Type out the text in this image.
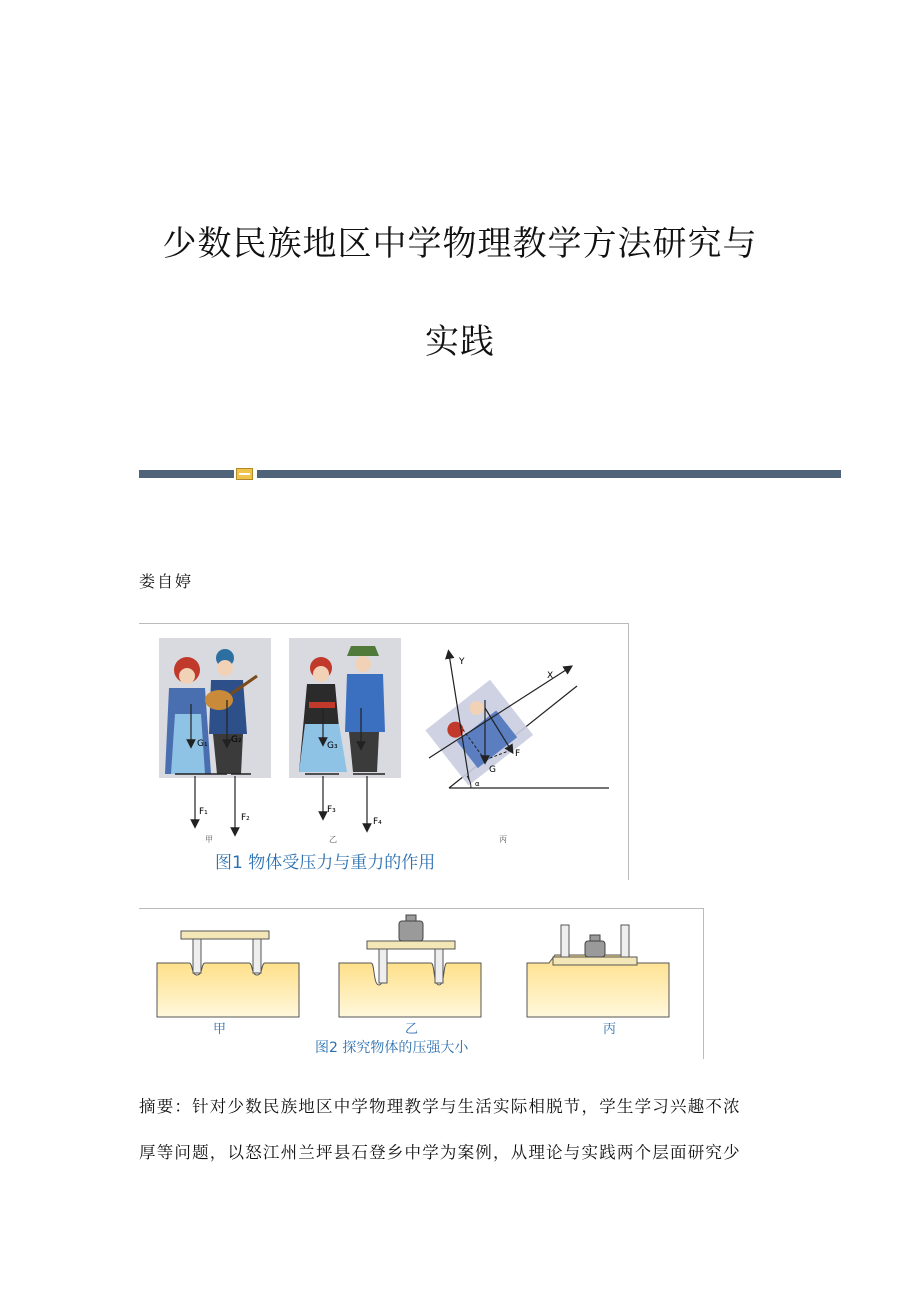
少数民族地区中学物理教学方法研究与
实践
娄自婷
G₁	G₂
F₁
F₂
G₃
F₃
F₄
Y
X
F
G
α
甲	乙	丙
图1 物体受压力与重力的作用
甲	乙	丙
图2 探究物体的压强大小
摘要：针对少数民族地区中学物理教学与生活实际相脱节，学生学习兴趣不浓
厚等问题，以怒江州兰坪县石登乡中学为案例，从理论与实践两个层面研究少
